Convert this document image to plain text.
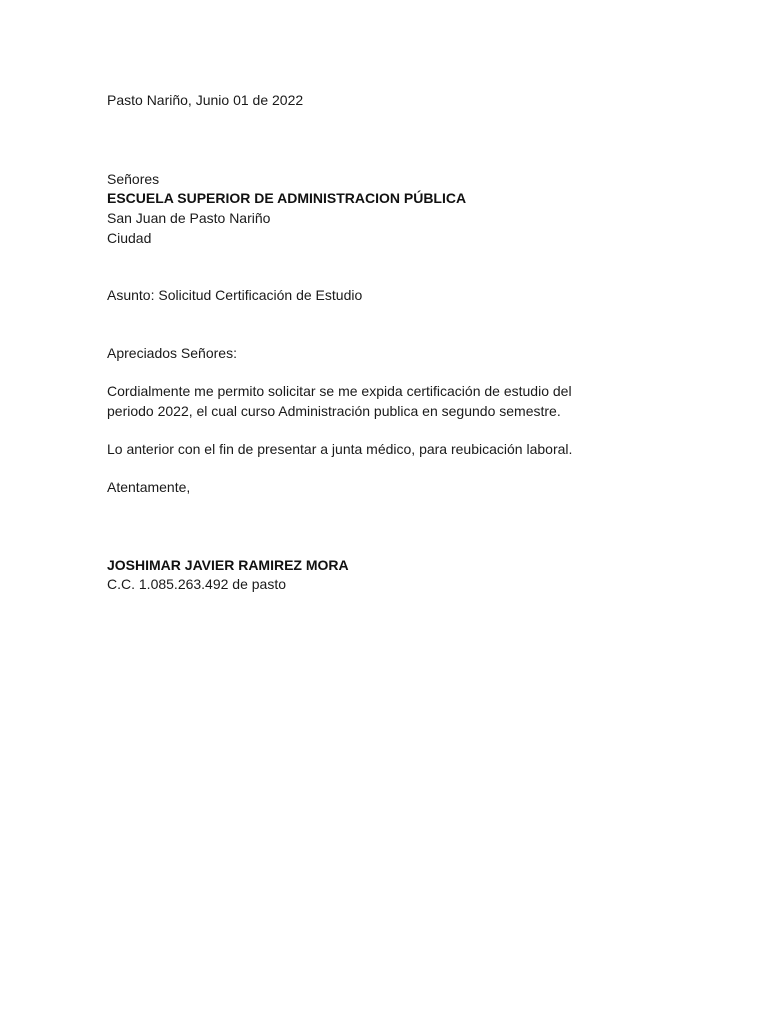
Pasto Nariño, Junio 01 de 2022

Señores

ESCUELA SUPERIOR DE ADMINISTRACION PÚBLICA

San Juan de Pasto Nariño

Ciudad

Asunto: Solicitud Certificación de Estudio

Apreciados Señores:

Cordialmente me permito solicitar se me expida certificación de estudio del

periodo 2022, el cual curso Administración publica en segundo semestre.

Lo anterior con el fin de presentar a junta médico, para reubicación laboral.

Atentamente,

JOSHIMAR JAVIER RAMIREZ MORA

C.C. 1.085.263.492 de pasto
